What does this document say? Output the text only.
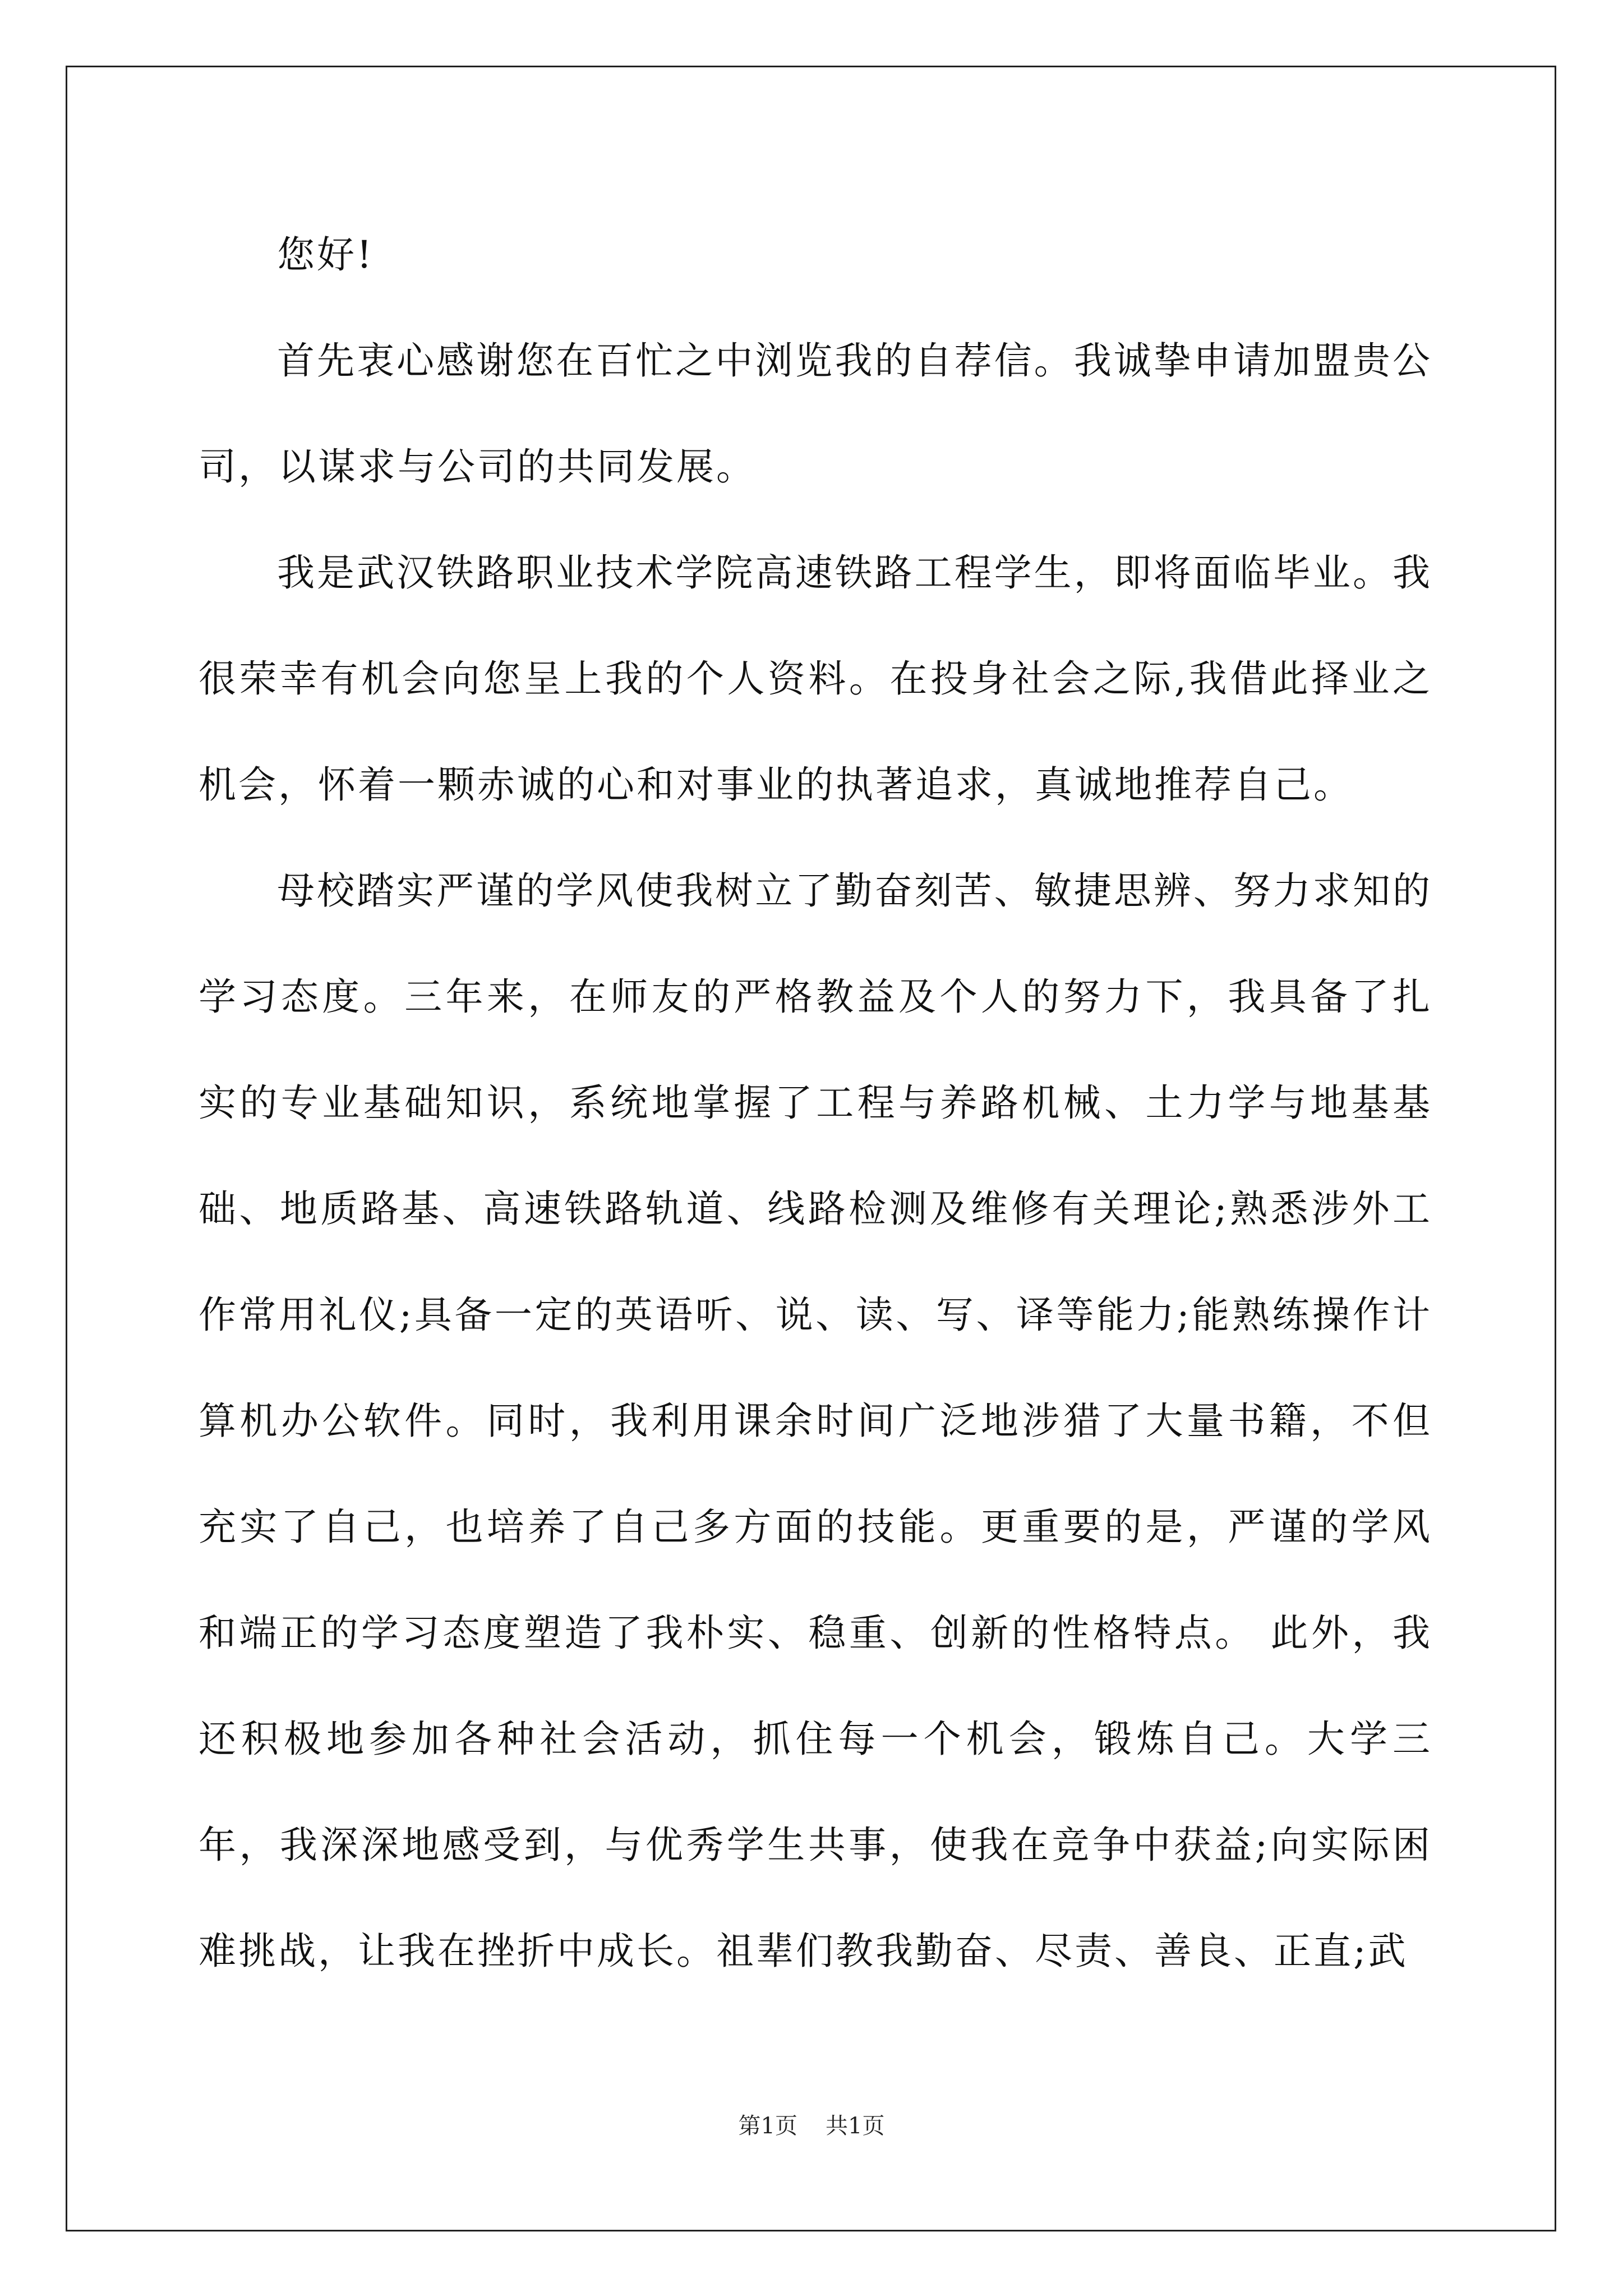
您好!

首先衷心感谢您在百忙之中浏览我的自荐信。我诚挚申请加盟贵公司，以谋求与公司的共同发展。

我是武汉铁路职业技术学院高速铁路工程学生，即将面临毕业。我很荣幸有机会向您呈上我的个人资料。在投身社会之际,我借此择业之机会，怀着一颗赤诚的心和对事业的执著追求，真诚地推荐自己。

母校踏实严谨的学风使我树立了勤奋刻苦、敏捷思辨、努力求知的学习态度。三年来，在师友的严格教益及个人的努力下，我具备了扎实的专业基础知识，系统地掌握了工程与养路机械、土力学与地基基础、地质路基、高速铁路轨道、线路检测及维修有关理论;熟悉涉外工作常用礼仪;具备一定的英语听、说、读、写、译等能力;能熟练操作计算机办公软件。同时，我利用课余时间广泛地涉猎了大量书籍，不但充实了自己，也培养了自己多方面的技能。更重要的是，严谨的学风和端正的学习态度塑造了我朴实、稳重、创新的性格特点。 此外，我还积极地参加各种社会活动，抓住每一个机会，锻炼自己。大学三年，我深深地感受到，与优秀学生共事，使我在竞争中获益;向实际困难挑战，让我在挫折中成长。祖辈们教我勤奋、尽责、善良、正直;武

第1页 共1页
